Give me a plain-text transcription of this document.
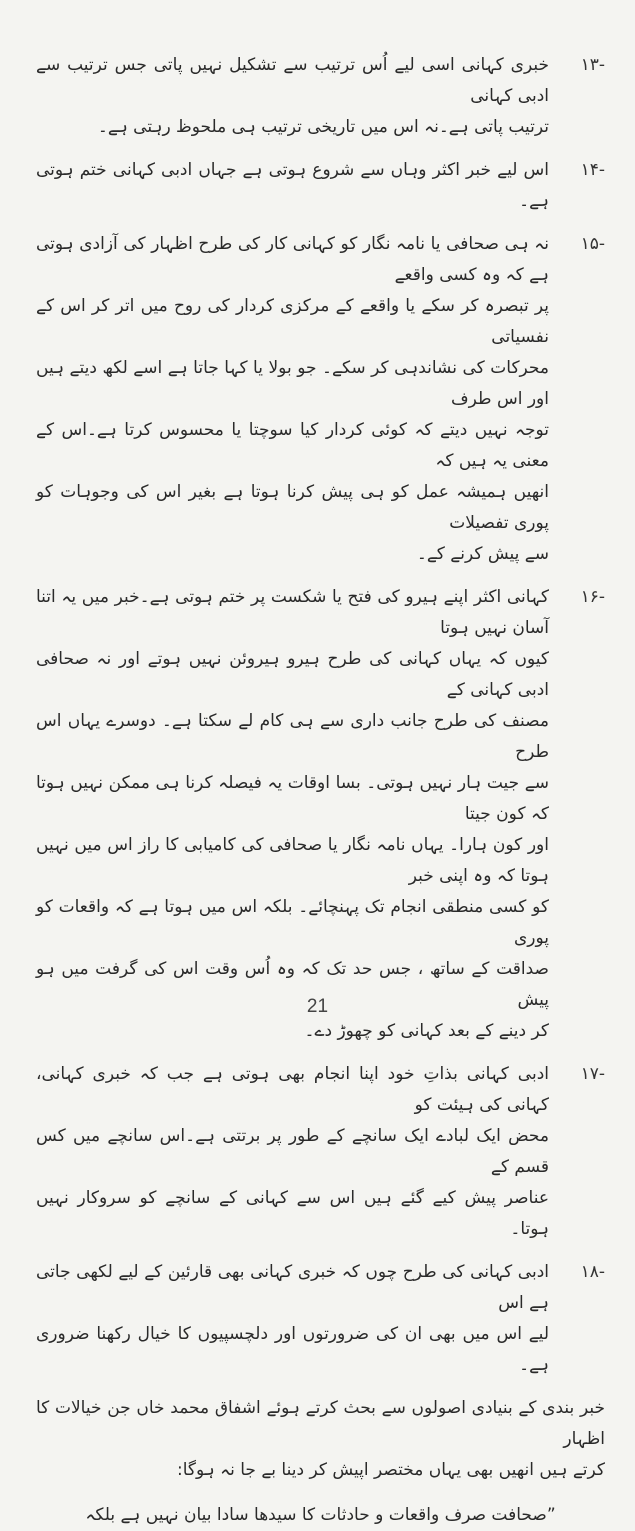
-۱۳
خبری کہانی اسی لیے اُس ترتیب سے تشکیل نہیں پاتی جس ترتیب سے ادبی کہانی
ترتیب پاتی ہے۔نہ اس میں تاریخی ترتیب ہی ملحوظ رہتی ہے۔
-۱۴
اس لیے خبر اکثر وہاں سے شروع ہوتی ہے جہاں ادبی کہانی ختم ہوتی ہے۔
-۱۵
نہ ہی صحافی یا نامہ نگار کو کہانی کار کی طرح اظہار کی آزادی ہوتی ہے کہ وہ کسی واقعے
پر تبصرہ کر سکے یا واقعے کے مرکزی کردار کی روح میں اتر کر اس کے نفسیاتی
محرکات کی نشاندہی کر سکے۔ جو بولا یا کہا جاتا ہے اسے لکھ دیتے ہیں اور اس طرف
توجہ نہیں دیتے کہ کوئی کردار کیا سوچتا یا محسوس کرتا ہے۔اس کے معنی یہ ہیں کہ
انھیں ہمیشہ عمل کو ہی پیش کرنا ہوتا ہے بغیر اس کی وجوہات کو پوری تفصیلات
سے پیش کرنے کے۔
-۱۶
کہانی اکثر اپنے ہیرو کی فتح یا شکست پر ختم ہوتی ہے۔خبر میں یہ اتنا آسان نہیں ہوتا
کیوں کہ یہاں کہانی کی طرح ہیرو ہیروئن نہیں ہوتے اور نہ صحافی ادبی کہانی کے
مصنف کی طرح جانب داری سے ہی کام لے سکتا ہے۔ دوسرے یہاں اس طرح
سے جیت ہار نہیں ہوتی۔ بسا اوقات یہ فیصلہ کرنا ہی ممکن نہیں ہوتا کہ کون جیتا
اور کون ہارا۔ یہاں نامہ نگار یا صحافی کی کامیابی کا راز اس میں نہیں ہوتا کہ وہ اپنی خبر
کو کسی منطقی انجام تک پہنچائے۔ بلکہ اس میں ہوتا ہے کہ واقعات کو پوری
صداقت کے ساتھ ، جس حد تک کہ وہ اُس وقت اس کی گرفت میں ہو پیش
کر دینے کے بعد کہانی کو چھوڑ دے۔
-۱۷
ادبی کہانی بذاتِ خود اپنا انجام بھی ہوتی ہے جب کہ خبری کہانی، کہانی کی ہیئت کو
محض ایک لبادے ایک سانچے کے طور پر برتتی ہے۔اس سانچے میں کس قسم کے
عناصر پیش کیے گئے ہیں اس سے کہانی کے سانچے کو سروکار نہیں ہوتا۔
-۱۸
ادبی کہانی کی طرح چوں کہ خبری کہانی بھی قارئین کے لیے لکھی جاتی ہے اس
لیے اس میں بھی ان کی ضرورتوں اور دلچسپیوں کا خیال رکھنا ضروری ہے۔
خبر بندی کے بنیادی اصولوں سے بحث کرتے ہوئے اشفاق محمد خاں جن خیالات کا اظہار
کرتے ہیں انھیں بھی یہاں مختصر اپیش کر دینا بے جا نہ ہوگا:
”صحافت صرف واقعات و حادثات کا سیدھا سادا بیان نہیں ہے بلکہ
21
